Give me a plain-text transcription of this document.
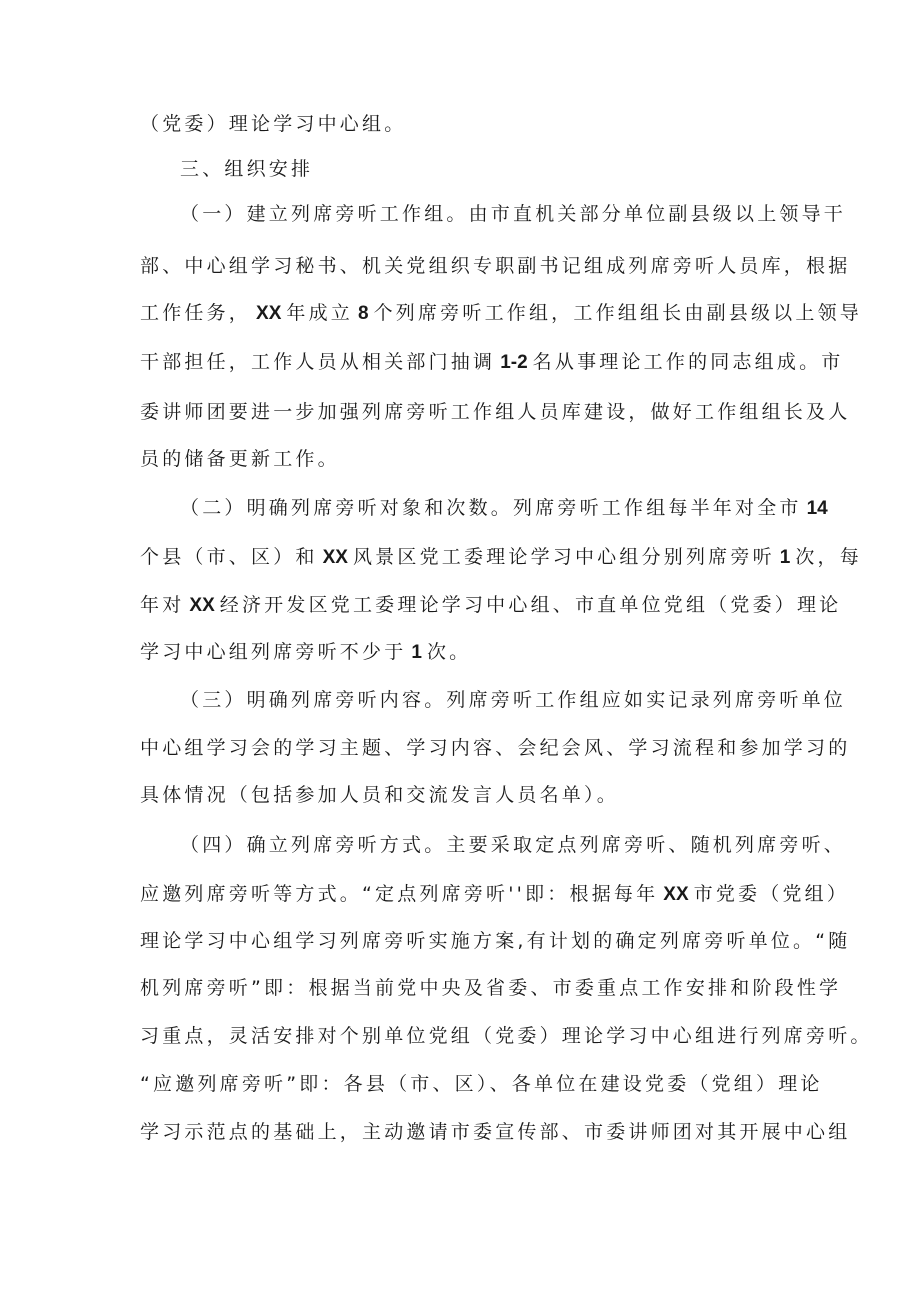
（党委）理论学习中心组。
三、组织安排
（一）建立列席旁听工作组。由市直机关部分单位副县级以上领导干
部、中心组学习秘书、机关党组织专职副书记组成列席旁听人员库，根据
工作任务， XX 年成立 8 个列席旁听工作组，工作组组长由副县级以上领导
干部担任，工作人员从相关部门抽调 1-2 名从事理论工作的同志组成。市
委讲师团要进一步加强列席旁听工作组人员库建设，做好工作组组长及人
员的储备更新工作。
（二）明确列席旁听对象和次数。列席旁听工作组每半年对全市 14
个县（市、区）和 XX 风景区党工委理论学习中心组分别列席旁听 1 次，每
年对 XX 经济开发区党工委理论学习中心组、市直单位党组（党委）理论
学习中心组列席旁听不少于 1 次。
（三）明确列席旁听内容。列席旁听工作组应如实记录列席旁听单位
中心组学习会的学习主题、学习内容、会纪会风、学习流程和参加学习的
具体情况（包括参加人员和交流发言人员名单）。
（四）确立列席旁听方式。主要采取定点列席旁听、随机列席旁听、
应邀列席旁听等方式。“定点列席旁听''即：根据每年 XX 市党委（党组）
理论学习中心组学习列席旁听实施方案,有计划的确定列席旁听单位。“随
机列席旁听”即：根据当前党中央及省委、市委重点工作安排和阶段性学
习重点，灵活安排对个别单位党组（党委）理论学习中心组进行列席旁听。
“应邀列席旁听”即：各县（市、区）、各单位在建设党委（党组）理论
学习示范点的基础上，主动邀请市委宣传部、市委讲师团对其开展中心组
